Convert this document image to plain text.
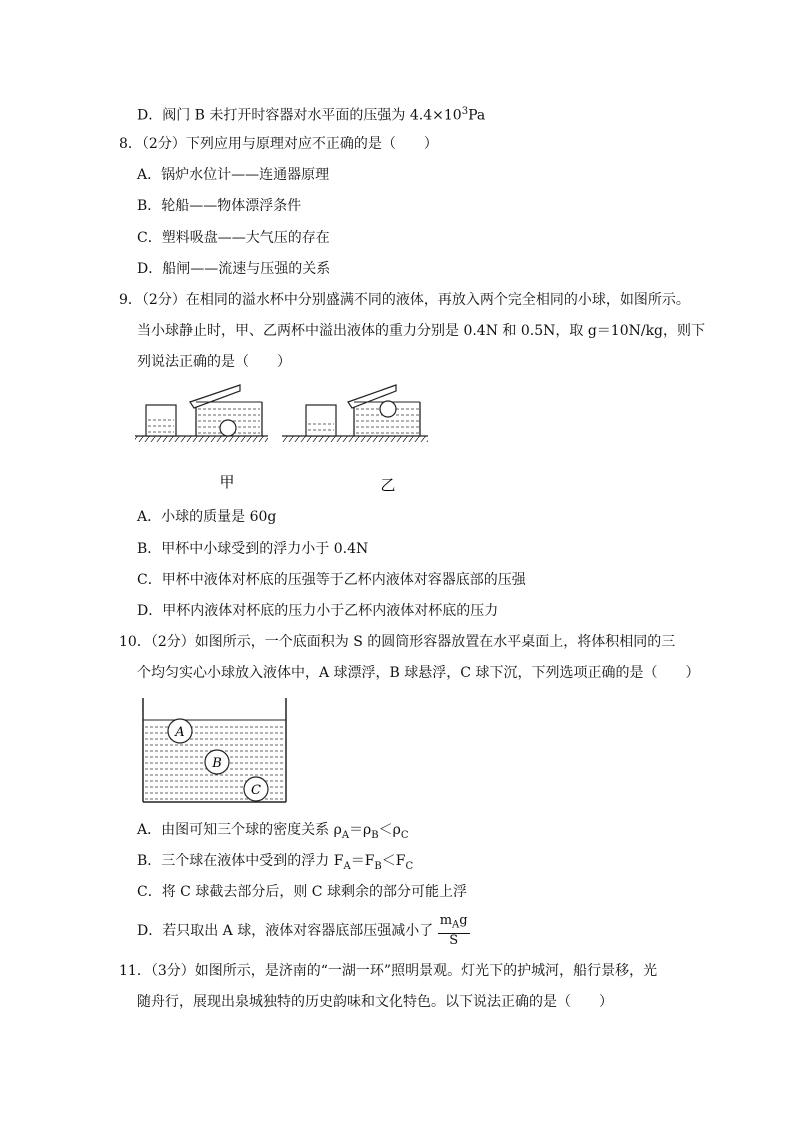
D．阀门 B 未打开时容器对水平面的压强为 $4.4\times 10^3Pa$
8．（2分）下列应用与原理对应不正确的是（　　）
A．锅炉水位计——连通器原理
B．轮船——物体漂浮条件
C．塑料吸盘——大气压的存在
D．船闸——流速与压强的关系
9．（2分）在相同的溢水杯中分别盛满不同的液体，再放入两个完全相同的小球，如图所示。
当小球静止时，甲、乙两杯中溢出液体的重力分别是 0.4N 和 0.5N，取 g＝10N/kg，则下
列说法正确的是（　　）
甲	乙
A．小球的质量是 60g
B．甲杯中小球受到的浮力小于 0.4N
C．甲杯中液体对杯底的压强等于乙杯内液体对容器底部的压强
D．甲杯内液体对杯底的压力小于乙杯内液体对杯底的压力
10．（2分）如图所示，一个底面积为 S 的圆筒形容器放置在水平桌面上，将体积相同的三
个均匀实心小球放入液体中，A 球漂浮，B 球悬浮，C 球下沉，下列选项正确的是（　　）
A
B
C
A．由图可知三个球的密度关系 $\rho_A=\rho_B<\rho_C$
B．三个球在液体中受到的浮力 $F_A=F_B<F_C$
C．将 C 球截去部分后，则 C 球剩余的部分可能上浮
D．若只取出 A 球，液体对容器底部压强减小了 $\frac{m_Ag}{S}$
11．（3分）如图所示，是济南的“一湖一环”照明景观。灯光下的护城河，船行景移，光
随舟行，展现出泉城独特的历史韵味和文化特色。以下说法正确的是（　　）
